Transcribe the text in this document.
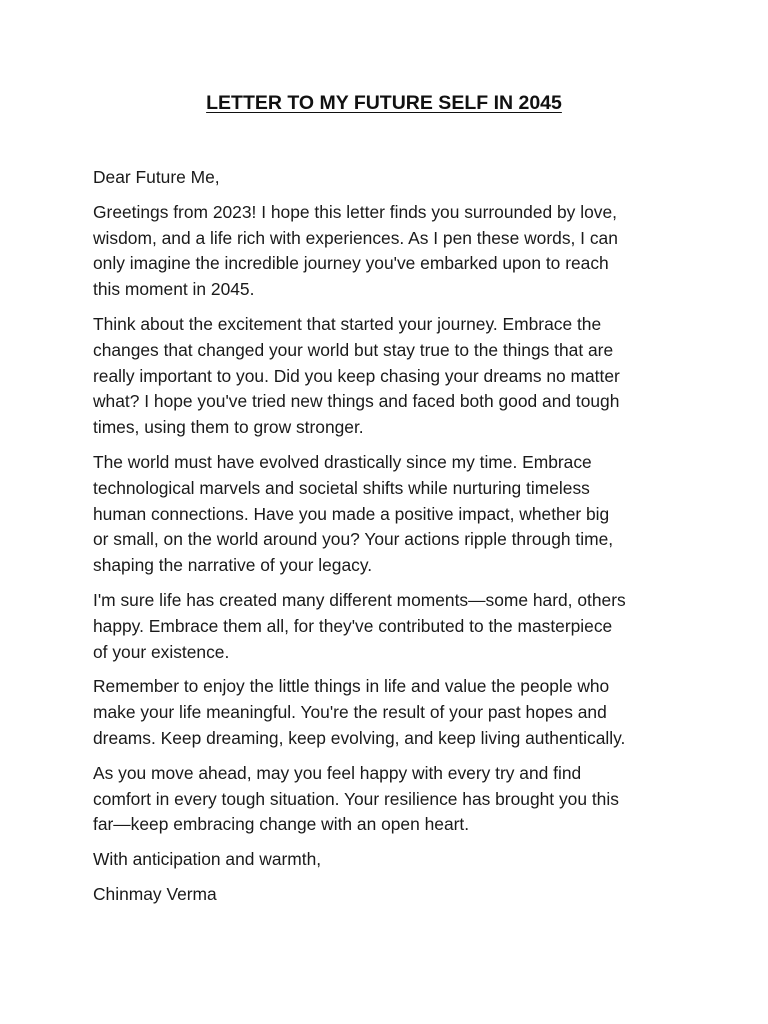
LETTER TO MY FUTURE SELF IN 2045

Dear Future Me,

Greetings from 2023! I hope this letter finds you surrounded by love,
wisdom, and a life rich with experiences. As I pen these words, I can
only imagine the incredible journey you've embarked upon to reach
this moment in 2045.

Think about the excitement that started your journey. Embrace the
changes that changed your world but stay true to the things that are
really important to you. Did you keep chasing your dreams no matter
what? I hope you've tried new things and faced both good and tough
times, using them to grow stronger.

The world must have evolved drastically since my time. Embrace
technological marvels and societal shifts while nurturing timeless
human connections. Have you made a positive impact, whether big
or small, on the world around you? Your actions ripple through time,
shaping the narrative of your legacy.

I'm sure life has created many different moments—some hard, others
happy. Embrace them all, for they've contributed to the masterpiece
of your existence.

Remember to enjoy the little things in life and value the people who
make your life meaningful. You're the result of your past hopes and
dreams. Keep dreaming, keep evolving, and keep living authentically.

As you move ahead, may you feel happy with every try and find
comfort in every tough situation. Your resilience has brought you this
far—keep embracing change with an open heart.

With anticipation and warmth,

Chinmay Verma
